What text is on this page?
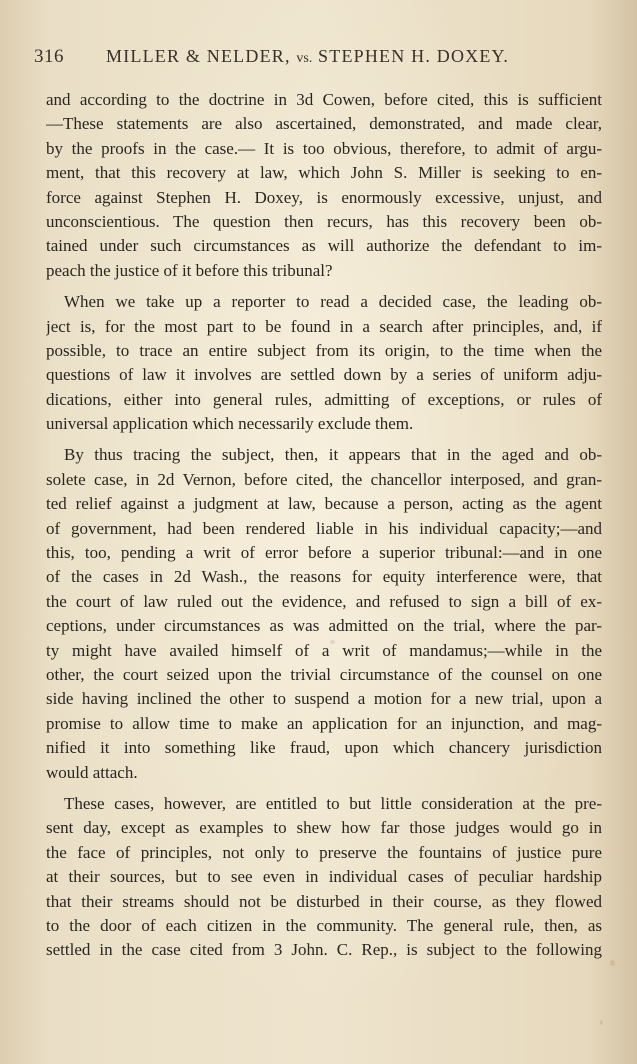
316 MILLER & NELDER, vs. STEPHEN H. DOXEY.
and according to the doctrine in 3d Cowen, before cited, this is sufficient
—These statements are also ascertained, demonstrated, and made clear,
by the proofs in the case.— It is too obvious, therefore, to admit of argu-
ment, that this recovery at law, which John S. Miller is seeking to en-
force against Stephen H. Doxey, is enormously excessive, unjust, and
unconscientious. The question then recurs, has this recovery been ob-
tained under such circumstances as will authorize the defendant to im-
peach the justice of it before this tribunal?
When we take up a reporter to read a decided case, the leading ob-
ject is, for the most part to be found in a search after principles, and, if
possible, to trace an entire subject from its origin, to the time when the
questions of law it involves are settled down by a series of uniform adju-
dications, either into general rules, admitting of exceptions, or rules of
universal application which necessarily exclude them.
By thus tracing the subject, then, it appears that in the aged and ob-
solete case, in 2d Vernon, before cited, the chancellor interposed, and gran-
ted relief against a judgment at law, because a person, acting as the agent
of government, had been rendered liable in his individual capacity;—and
this, too, pending a writ of error before a superior tribunal:—and in one
of the cases in 2d Wash., the reasons for equity interference were, that
the court of law ruled out the evidence, and refused to sign a bill of ex-
ceptions, under circumstances as was admitted on the trial, where the par-
ty might have availed himself of a writ of mandamus;—while in the
other, the court seized upon the trivial circumstance of the counsel on one
side having inclined the other to suspend a motion for a new trial, upon a
promise to allow time to make an application for an injunction, and mag-
nified it into something like fraud, upon which chancery jurisdiction
would attach.
These cases, however, are entitled to but little consideration at the pre-
sent day, except as examples to shew how far those judges would go in
the face of principles, not only to preserve the fountains of justice pure
at their sources, but to see even in individual cases of peculiar hardship
that their streams should not be disturbed in their course, as they flowed
to the door of each citizen in the community. The general rule, then, as
settled in the case cited from 3 John. C. Rep., is subject to the following
